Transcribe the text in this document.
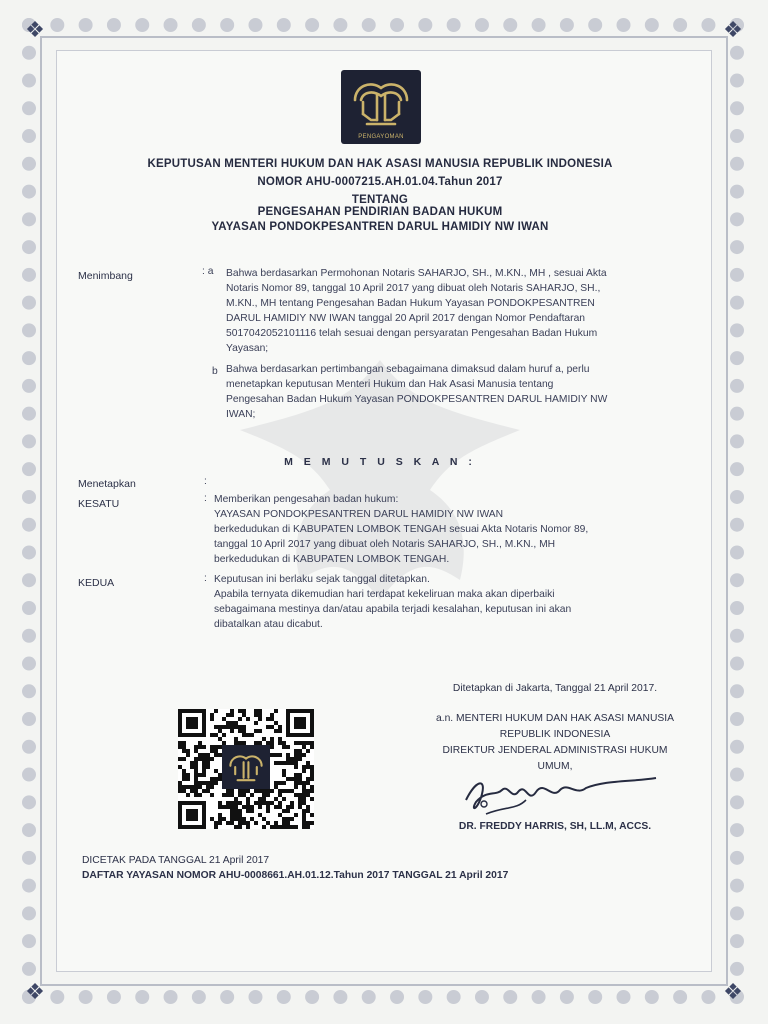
❖	❖
❖	❖
PENGAYOMAN
KEPUTUSAN MENTERI HUKUM DAN HAK ASASI MANUSIA REPUBLIK INDONESIA
NOMOR AHU-0007215.AH.01.04.Tahun 2017
TENTANG
PENGESAHAN PENDIRIAN BADAN HUKUM
YAYASAN PONDOKPESANTREN DARUL HAMIDIY NW IWAN
Menimbang	: a Bahwa berdasarkan Permohonan Notaris SAHARJO, SH., M.KN., MH , sesuai Akta
Notaris Nomor 89, tanggal 10 April 2017 yang dibuat oleh Notaris SAHARJO, SH.,
M.KN., MH tentang Pengesahan Badan Hukum Yayasan PONDOKPESANTREN
DARUL HAMIDIY NW IWAN tanggal 20 April 2017 dengan Nomor Pendaftaran
5017042052101116 telah sesuai dengan persyaratan Pengesahan Badan Hukum
Yayasan;
b Bahwa berdasarkan pertimbangan sebagaimana dimaksud dalam huruf a, perlu
menetapkan keputusan Menteri Hukum dan Hak Asasi Manusia tentang
Pengesahan Badan Hukum Yayasan PONDOKPESANTREN DARUL HAMIDIY NW
IWAN;
M E M U T U S K A N :
Menetapkan	:
KESATU	: Memberikan pengesahan badan hukum:
YAYASAN PONDOKPESANTREN DARUL HAMIDIY NW IWAN
berkedudukan di KABUPATEN LOMBOK TENGAH sesuai Akta Notaris Nomor 89,
tanggal 10 April 2017 yang dibuat oleh Notaris SAHARJO, SH., M.KN., MH
berkedudukan di KABUPATEN LOMBOK TENGAH.
KEDUA	: Keputusan ini berlaku sejak tanggal ditetapkan.
Apabila ternyata dikemudian hari terdapat kekeliruan maka akan diperbaiki
sebagaimana mestinya dan/atau apabila terjadi kesalahan, keputusan ini akan
dibatalkan atau dicabut.
Ditetapkan di Jakarta, Tanggal 21 April 2017.
a.n. MENTERI HUKUM DAN HAK ASASI MANUSIA
REPUBLIK INDONESIA
DIREKTUR JENDERAL ADMINISTRASI HUKUM
UMUM,
DR. FREDDY HARRIS, SH, LL.M, ACCS.
DICETAK PADA TANGGAL 21 April 2017
DAFTAR YAYASAN NOMOR AHU-0008661.AH.01.12.Tahun 2017 TANGGAL 21 April 2017
